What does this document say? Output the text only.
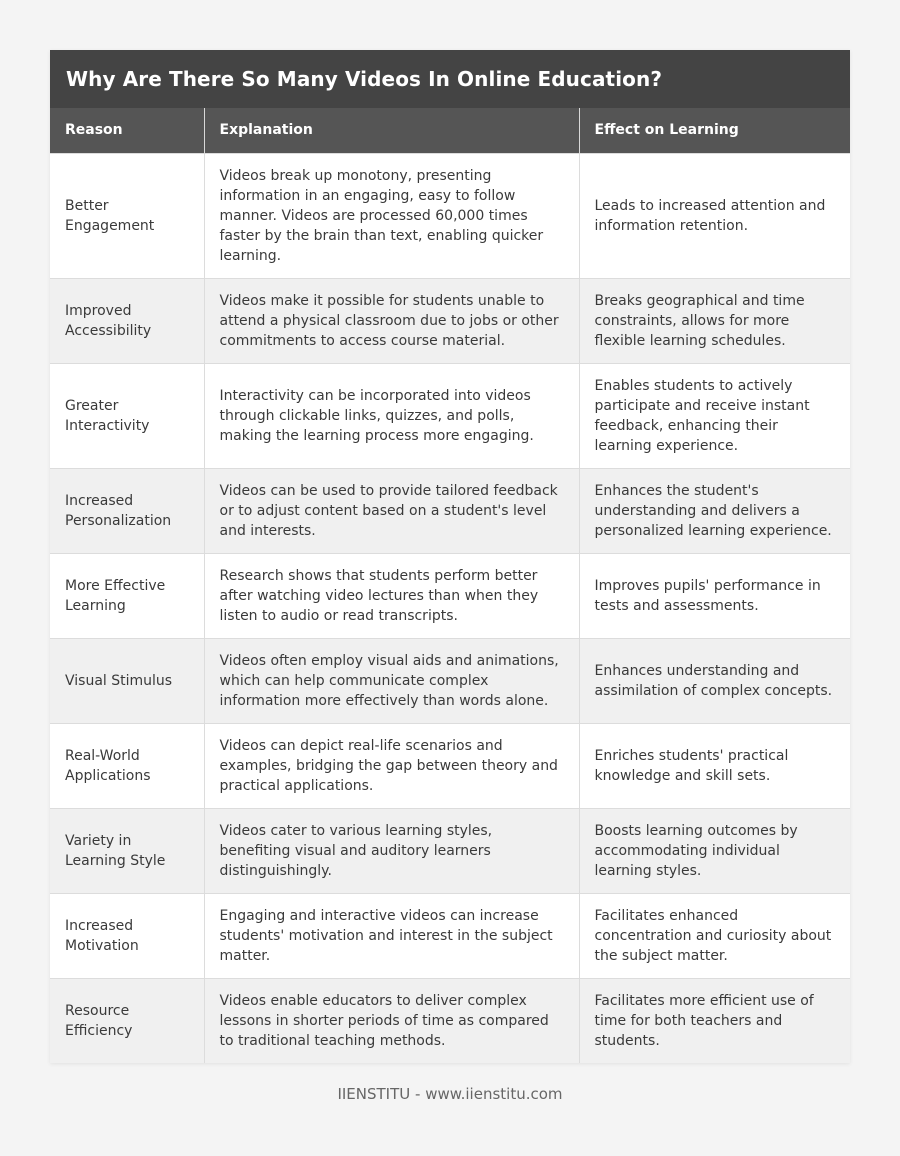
Why Are There So Many Videos In Online Education?
Reason	Explanation	Effect on Learning
Better Engagement	Videos break up monotony, presenting information in an engaging, easy to follow manner. Videos are processed 60,000 times faster by the brain than text, enabling quicker learning.	Leads to increased attention and information retention.
Improved Accessibility	Videos make it possible for students unable to attend a physical classroom due to jobs or other commitments to access course material.	Breaks geographical and time constraints, allows for more flexible learning schedules.
Greater Interactivity	Interactivity can be incorporated into videos through clickable links, quizzes, and polls, making the learning process more engaging.	Enables students to actively participate and receive instant feedback, enhancing their learning experience.
Increased Personalization	Videos can be used to provide tailored feedback or to adjust content based on a student's level and interests.	Enhances the student's understanding and delivers a personalized learning experience.
More Effective Learning	Research shows that students perform better after watching video lectures than when they listen to audio or read transcripts.	Improves pupils' performance in tests and assessments.
Visual Stimulus	Videos often employ visual aids and animations, which can help communicate complex information more effectively than words alone.	Enhances understanding and assimilation of complex concepts.
Real-World Applications	Videos can depict real-life scenarios and examples, bridging the gap between theory and practical applications.	Enriches students' practical knowledge and skill sets.
Variety in Learning Style	Videos cater to various learning styles, benefiting visual and auditory learners distinguishingly.	Boosts learning outcomes by accommodating individual learning styles.
Increased Motivation	Engaging and interactive videos can increase students' motivation and interest in the subject matter.	Facilitates enhanced concentration and curiosity about the subject matter.
Resource Efficiency	Videos enable educators to deliver complex lessons in shorter periods of time as compared to traditional teaching methods.	Facilitates more efficient use of time for both teachers and students.
IIENSTITU - www.iienstitu.com
